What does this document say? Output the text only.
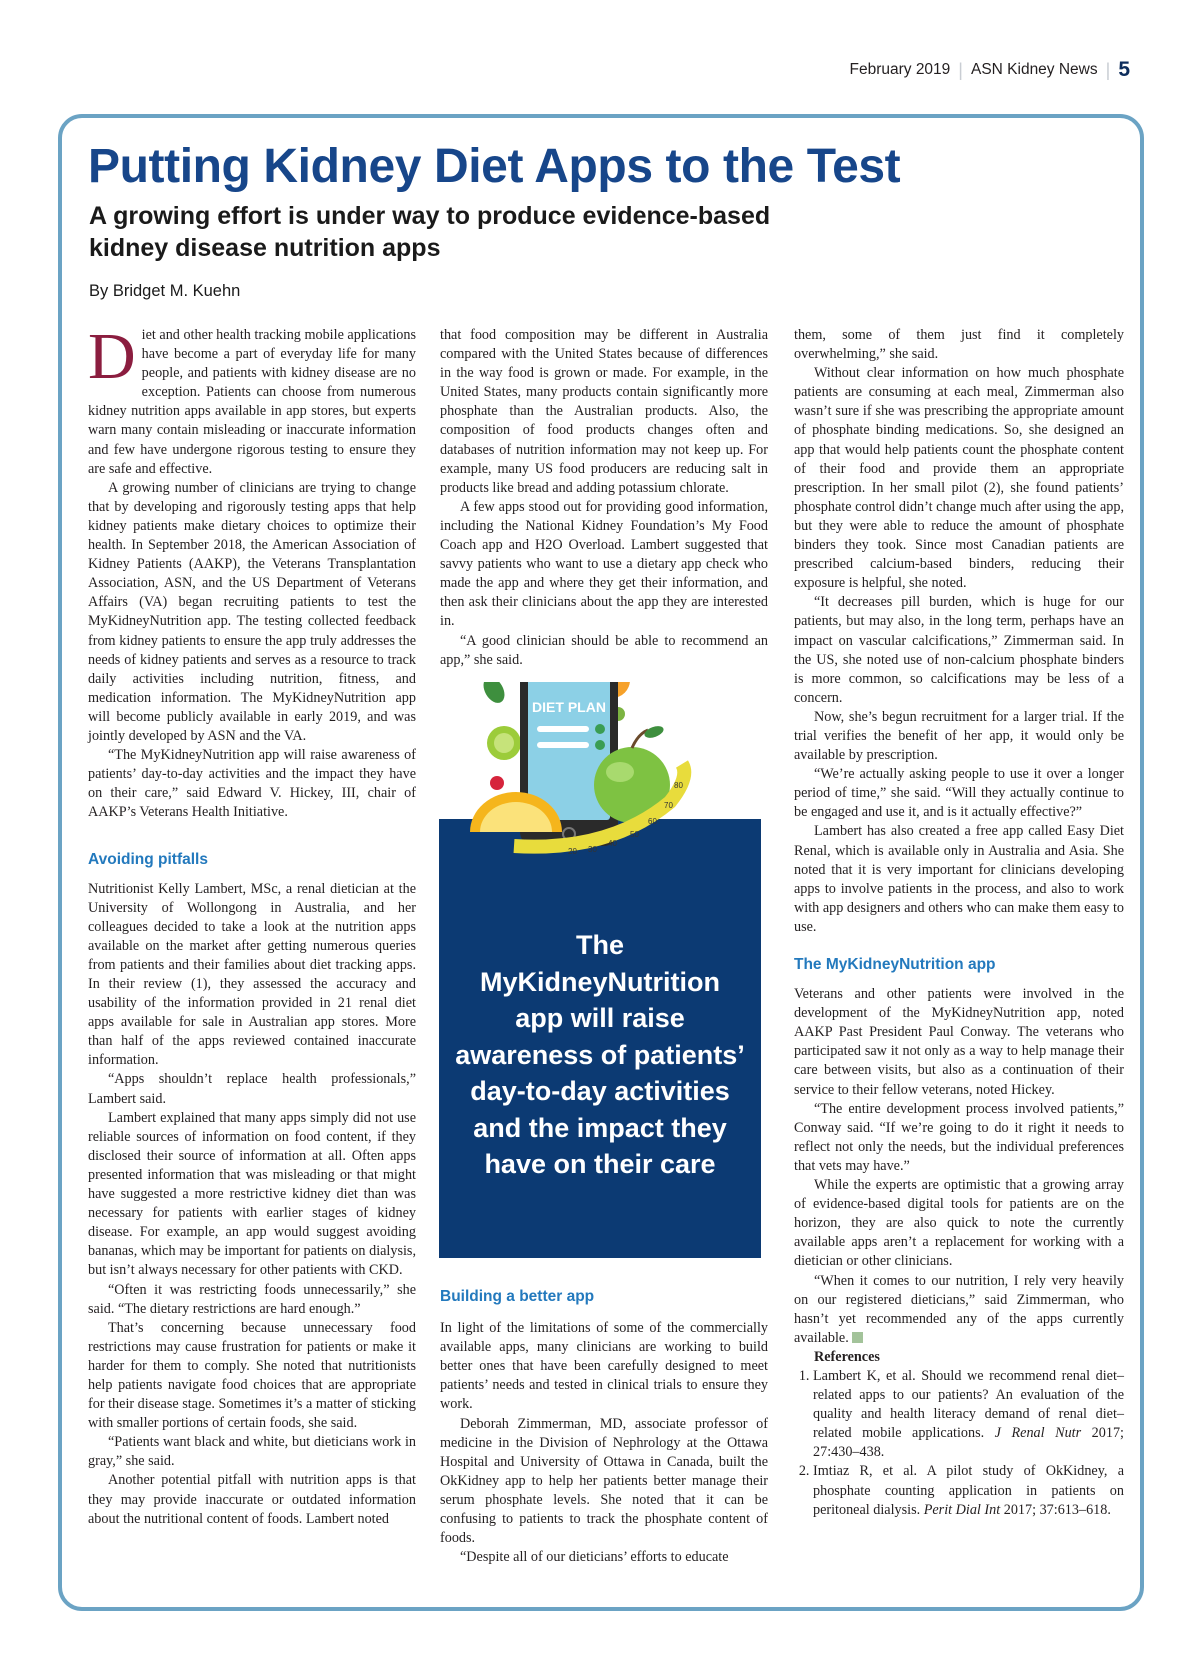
February 2019 | ASN Kidney News | 5
Putting Kidney Diet Apps to the Test
A growing effort is under way to produce evidence-based kidney disease nutrition apps
By Bridget M. Kuehn

Diet and other health tracking mobile applications have become a part of everyday life for many people, and patients with kidney disease are no exception. Patients can choose from numerous kidney nutrition apps available in app stores, but experts warn many contain misleading or inaccurate information and few have undergone rigorous testing to ensure they are safe and effective.

A growing number of clinicians are trying to change that by developing and rigorously testing apps that help kidney patients make dietary choices to optimize their health. In September 2018, the American Association of Kidney Patients (AAKP), the Veterans Transplantation Association, ASN, and the US Department of Veterans Affairs (VA) began recruiting patients to test the MyKidneyNutrition app. The testing collected feedback from kidney patients to ensure the app truly addresses the needs of kidney patients and serves as a resource to track daily activities including nutrition, fitness, and medication information. The MyKidneyNutrition app will become publicly available in early 2019, and was jointly developed by ASN and the VA.

“The MyKidneyNutrition app will raise awareness of patients’ day-to-day activities and the impact they have on their care,” said Edward V. Hickey, III, chair of AAKP’s Veterans Health Initiative.

Avoiding pitfalls

Nutritionist Kelly Lambert, MSc, a renal dietician at the University of Wollongong in Australia, and her colleagues decided to take a look at the nutrition apps available on the market after getting numerous queries from patients and their families about diet tracking apps. In their review (1), they assessed the accuracy and usability of the information provided in 21 renal diet apps available for sale in Australian app stores. More than half of the apps reviewed contained inaccurate information.

“Apps shouldn’t replace health professionals,” Lambert said.

Lambert explained that many apps simply did not use reliable sources of information on food content, if they disclosed their source of information at all. Often apps presented information that was misleading or that might have suggested a more restrictive kidney diet than was necessary for patients with earlier stages of kidney disease. For example, an app would suggest avoiding bananas, which may be important for patients on dialysis, but isn’t always necessary for other patients with CKD.

“Often it was restricting foods unnecessarily,” she said. “The dietary restrictions are hard enough.”

That’s concerning because unnecessary food restrictions may cause frustration for patients or make it harder for them to comply. She noted that nutritionists help patients navigate food choices that are appropriate for their disease stage. Sometimes it’s a matter of sticking with smaller portions of certain foods, she said.

“Patients want black and white, but dieticians work in gray,” she said.

Another potential pitfall with nutrition apps is that they may provide inaccurate or outdated information about the nutritional content of foods. Lambert noted

that food composition may be different in Australia compared with the United States because of differences in the way food is grown or made. For example, in the United States, many products contain significantly more phosphate than the Australian products. Also, the composition of food products changes often and databases of nutrition information may not keep up. For example, many US food producers are reducing salt in products like bread and adding potassium chlorate.

A few apps stood out for providing good information, including the National Kidney Foundation’s My Food Coach app and H2O Overload. Lambert suggested that savvy patients who want to use a dietary app check who made the app and where they get their information, and then ask their clinicians about the app they are interested in.

“A good clinician should be able to recommend an app,” she said.

The MyKidneyNutrition app will raise awareness of patients’ day-to-day activities and the impact they have on their care

DIET PLAN
20 30
40
50
60
70
80
Building a better app

In light of the limitations of some of the commercially available apps, many clinicians are working to build better ones that have been carefully designed to meet patients’ needs and tested in clinical trials to ensure they work.

Deborah Zimmerman, MD, associate professor of medicine in the Division of Nephrology at the Ottawa Hospital and University of Ottawa in Canada, built the OkKidney app to help her patients better manage their serum phosphate levels. She noted that it can be confusing to patients to track the phosphate content of foods.

“Despite all of our dieticians’ efforts to educate

them, some of them just find it completely overwhelming,” she said.

Without clear information on how much phosphate patients are consuming at each meal, Zimmerman also wasn’t sure if she was prescribing the appropriate amount of phosphate binding medications. So, she designed an app that would help patients count the phosphate content of their food and provide them an appropriate prescription. In her small pilot (2), she found patients’ phosphate control didn’t change much after using the app, but they were able to reduce the amount of phosphate binders they took. Since most Canadian patients are prescribed calcium-based binders, reducing their exposure is helpful, she noted.

“It decreases pill burden, which is huge for our patients, but may also, in the long term, perhaps have an impact on vascular calcifications,” Zimmerman said. In the US, she noted use of non-calcium phosphate binders is more common, so calcifications may be less of a concern.

Now, she’s begun recruitment for a larger trial. If the trial verifies the benefit of her app, it would only be available by prescription.

“We’re actually asking people to use it over a longer period of time,” she said. “Will they actually continue to be engaged and use it, and is it actually effective?”

Lambert has also created a free app called Easy Diet Renal, which is available only in Australia and Asia. She noted that it is very important for clinicians developing apps to involve patients in the process, and also to work with app designers and others who can make them easy to use.

The MyKidneyNutrition app

Veterans and other patients were involved in the development of the MyKidneyNutrition app, noted AAKP Past President Paul Conway. The veterans who participated saw it not only as a way to help manage their care between visits, but also as a continuation of their service to their fellow veterans, noted Hickey.

“The entire development process involved patients,” Conway said. “If we’re going to do it right it needs to reflect not only the needs, but the individual preferences that vets may have.”

While the experts are optimistic that a growing array of evidence-based digital tools for patients are on the horizon, they are also quick to note the currently available apps aren’t a replacement for working with a dietician or other clinicians.

“When it comes to our nutrition, I rely very heavily on our registered dieticians,” said Zimmerman, who hasn’t yet recommended any of the apps currently available.

References

1. Lambert K, et al. Should we recommend renal diet–related apps to our patients? An evaluation of the quality and health literacy demand of renal diet–related mobile applications. J Renal Nutr 2017; 27:430–438.
2. Imtiaz R, et al. A pilot study of OkKidney, a phosphate counting application in patients on peritoneal dialysis. Perit Dial Int 2017; 37:613–618.
